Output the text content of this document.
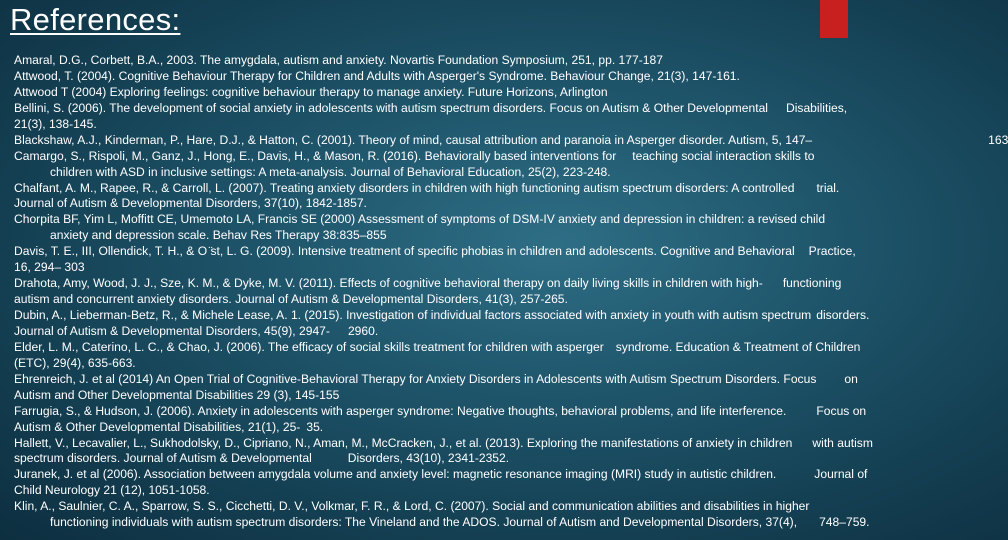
References:
Amaral, D.G., Corbett, B.A., 2003. The amygdala, autism and anxiety. Novartis Foundation Symposium, 251, pp. 177-187
Attwood, T. (2004). Cognitive Behaviour Therapy for Children and Adults with Asperger's Syndrome. Behaviour Change, 21(3), 147-161.
Attwood T (2004) Exploring feelings: cognitive behaviour therapy to manage anxiety. Future Horizons, Arlington
Bellini, S. (2006). The development of social anxiety in adolescents with autism spectrum disorders. Focus on Autism & Other Developmental Disabilities,
21(3), 138-145.
Blackshaw, A.J., Kinderman, P., Hare, D.J., & Hatton, C. (2001). Theory of mind, causal attribution and paranoia in Asperger disorder. Autism, 5, 147–	163
Camargo, S., Rispoli, M., Ganz, J., Hong, E., Davis, H., & Mason, R. (2016). Behaviorally based interventions for teaching social interaction skills to
children with ASD in inclusive settings: A meta-analysis. Journal of Behavioral Education, 25(2), 223-248.
Chalfant, A. M., Rapee, R., & Carroll, L. (2007). Treating anxiety disorders in children with high functioning autism spectrum disorders: A controlled trial.
Journal of Autism & Developmental Disorders, 37(10), 1842-1857.
Chorpita BF, Yim L, Moffitt CE, Umemoto LA, Francis SE (2000) Assessment of symptoms of DSM-IV anxiety and depression in children: a revised child
anxiety and depression scale. Behav Res Therapy 38:835–855
Davis, T. E., III, Ollendick, T. H., & O ̈st, L. G. (2009). Intensive treatment of specific phobias in children and adolescents. Cognitive and Behavioral Practice,
16, 294– 303
Drahota, Amy, Wood, J. J., Sze, K. M., & Dyke, M. V. (2011). Effects of cognitive behavioral therapy on daily living skills in children with high- functioning
autism and concurrent anxiety disorders. Journal of Autism & Developmental Disorders, 41(3), 257-265.
Dubin, A., Lieberman-Betz, R., & Michele Lease, A. 1. (2015). Investigation of individual factors associated with anxiety in youth with autism spectrum disorders.
Journal of Autism & Developmental Disorders, 45(9), 2947- 2960.
Elder, L. M., Caterino, L. C., & Chao, J. (2006). The efficacy of social skills treatment for children with asperger syndrome. Education & Treatment of Children
(ETC), 29(4), 635-663.
Ehrenreich, J. et al (2014) An Open Trial of Cognitive-Behavioral Therapy for Anxiety Disorders in Adolescents with Autism Spectrum Disorders. Focus on
Autism and Other Developmental Disabilities 29 (3), 145-155
Farrugia, S., & Hudson, J. (2006). Anxiety in adolescents with asperger syndrome: Negative thoughts, behavioral problems, and life interference. Focus on
Autism & Other Developmental Disabilities, 21(1), 25- 35.
Hallett, V., Lecavalier, L., Sukhodolsky, D., Cipriano, N., Aman, M., McCracken, J., et al. (2013). Exploring the manifestations of anxiety in children with autism
spectrum disorders. Journal of Autism & Developmental	Disorders, 43(10), 2341-2352.
Juranek, J. et al (2006). Association between amygdala volume and anxiety level: magnetic resonance imaging (MRI) study in autistic children.	Journal of
Child Neurology 21 (12), 1051-1058.
Klin, A., Saulnier, C. A., Sparrow, S. S., Cicchetti, D. V., Volkmar, F. R., & Lord, C. (2007). Social and communication abilities and disabilities in higher
functioning individuals with autism spectrum disorders: The Vineland and the ADOS. Journal of Autism and Developmental Disorders, 37(4), 748–759.
